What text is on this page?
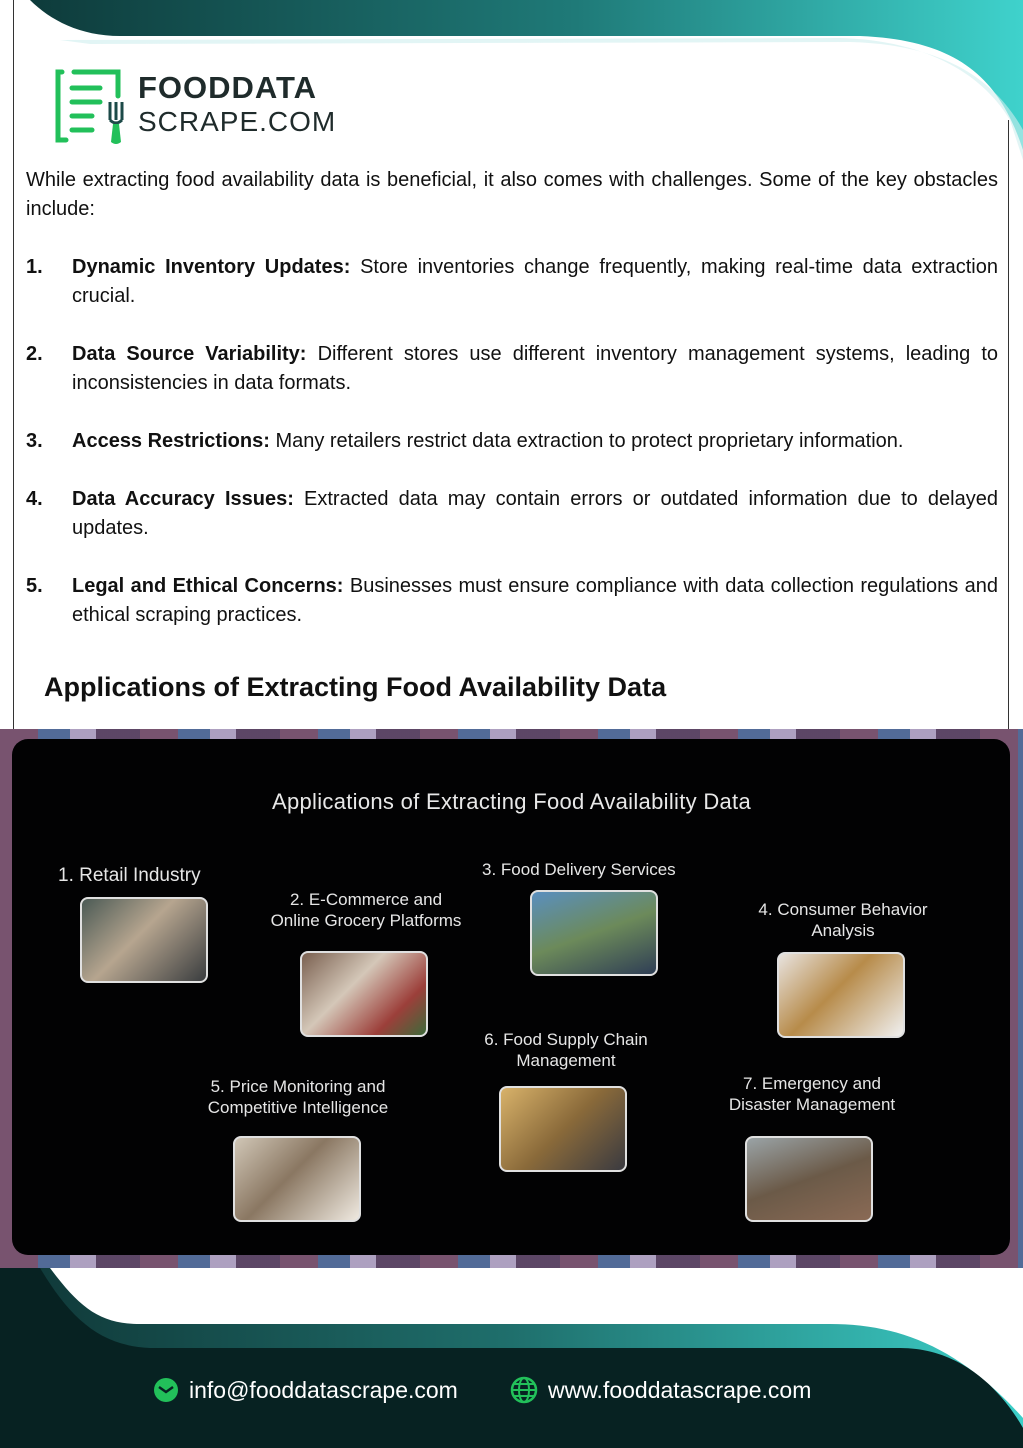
FOODDATA
SCRAPE.COM

While extracting food availability data is beneficial, it also comes with challenges. Some of the key obstacles include:

1. Dynamic Inventory Updates: Store inventories change frequently, making real-time data extraction crucial.
2. Data Source Variability: Different stores use different inventory management systems, leading to inconsistencies in data formats.
3. Access Restrictions: Many retailers restrict data extraction to protect proprietary information.
4. Data Accuracy Issues: Extracted data may contain errors or outdated information due to delayed updates.
5. Legal and Ethical Concerns: Businesses must ensure compliance with data collection regulations and ethical scraping practices.
Applications of Extracting Food Availability Data
Applications of Extracting Food Availability Data
1. Retail Industry
2. E-Commerce and
Online Grocery Platforms
3. Food Delivery Services
4. Consumer Behavior
Analysis
5. Price Monitoring and
Competitive Intelligence
6. Food Supply Chain
Management
7. Emergency and
Disaster Management
info@fooddatascrape.com	www.fooddatascrape.com
